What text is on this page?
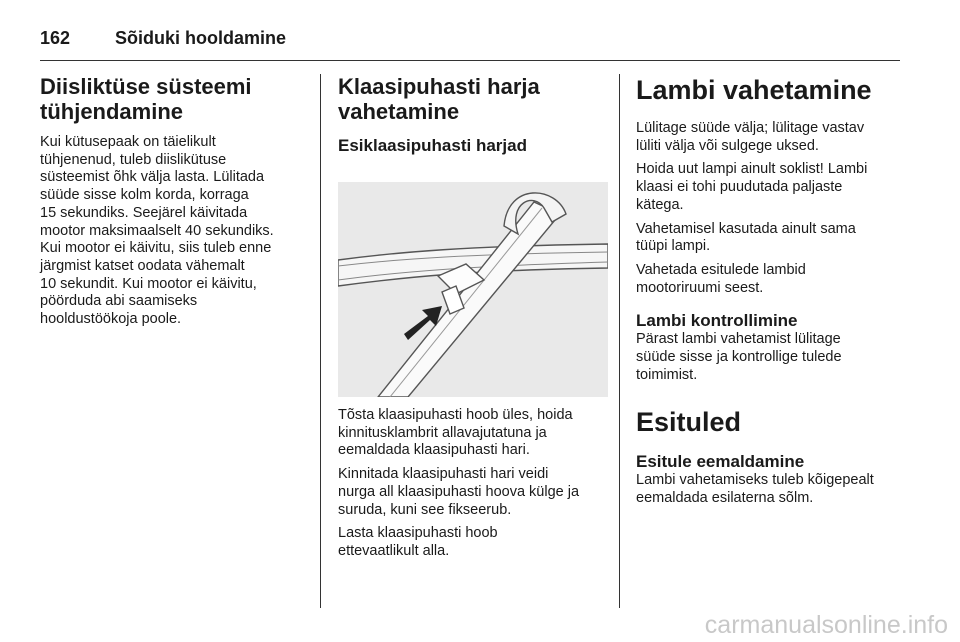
162	Sõiduki hooldamine
Diisliktüse süsteemi tühjendamine

Kui kütusepaak on täielikult
tühjenenud, tuleb diislikütuse
süsteemist õhk välja lasta. Lülitada
süüde sisse kolm korda, korraga
15 sekundiks. Seejärel käivitada
mootor maksimaalselt 40 sekundiks.
Kui mootor ei käivitu, siis tuleb enne
järgmist katset oodata vähemalt
10 sekundit. Kui mootor ei käivitu,
pöörduda abi saamiseks
hooldustöökoja poole.

Klaasipuhasti harja vahetamine
Esiklaasipuhasti harjad

Tõsta klaasipuhasti hoob üles, hoida
kinnitusklambrit allavajutatuna ja
eemaldada klaasipuhasti hari.

Kinnitada klaasipuhasti hari veidi
nurga all klaasipuhasti hoova külge ja
suruda, kuni see fikseerub.

Lasta klaasipuhasti hoob
ettevaatlikult alla.

Lambi vahetamine

Lülitage süüde välja; lülitage vastav
lüliti välja või sulgege uksed.

Hoida uut lampi ainult soklist! Lambi
klaasi ei tohi puudutada paljaste
kätega.

Vahetamisel kasutada ainult sama
tüüpi lampi.

Vahetada esitulede lambid
mootoriruumi seest.

Lambi kontrollimine

Pärast lambi vahetamist lülitage
süüde sisse ja kontrollige tulede
toimimist.

Esituled
Esitule eemaldamine

Lambi vahetamiseks tuleb kõigepealt
eemaldada esilaterna sõlm.

carmanualsonline.info
